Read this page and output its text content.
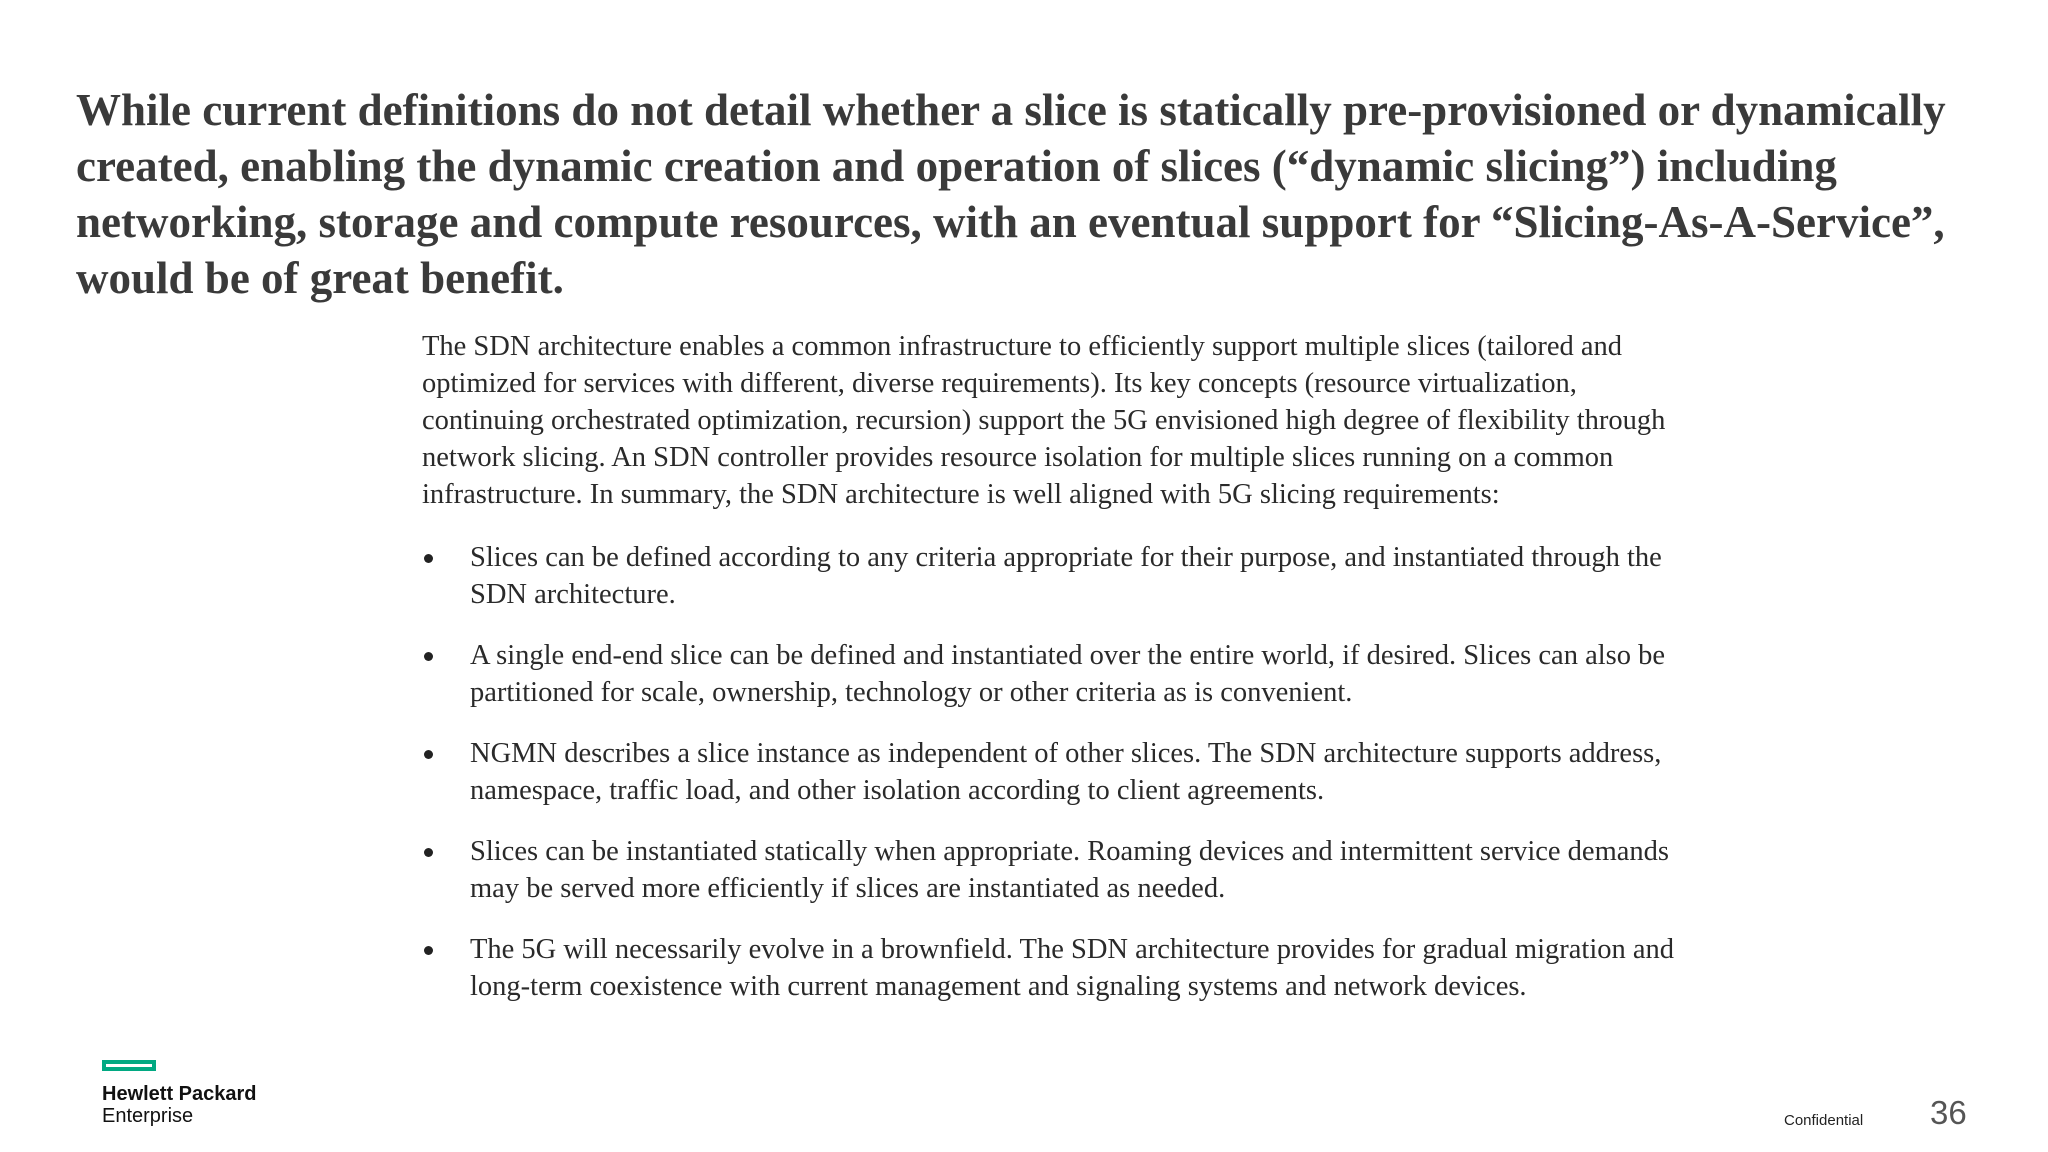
While current definitions do not detail whether a slice is statically pre-provisioned or dynamically created, enabling the dynamic creation and operation of slices (“dynamic slicing”) including networking, storage and compute resources, with an eventual support for “Slicing-As-A-Service”, would be of great benefit.

The SDN architecture enables a common infrastructure to efficiently support multiple slices (tailored and optimized for services with different, diverse requirements). Its key concepts (resource virtualization, continuing orchestrated optimization, recursion) support the 5G envisioned high degree of flexibility through network slicing. An SDN controller provides resource isolation for multiple slices running on a common infrastructure. In summary, the SDN architecture is well aligned with 5G slicing requirements:

Slices can be defined according to any criteria appropriate for their purpose, and instantiated through the SDN architecture.
A single end-end slice can be defined and instantiated over the entire world, if desired. Slices can also be partitioned for scale, ownership, technology or other criteria as is convenient.
NGMN describes a slice instance as independent of other slices. The SDN architecture supports address, namespace, traffic load, and other isolation according to client agreements.
Slices can be instantiated statically when appropriate. Roaming devices and intermittent service demands may be served more efficiently if slices are instantiated as needed.
The 5G will necessarily evolve in a brownfield. The SDN architecture provides for gradual migration and long-term coexistence with current management and signaling systems and network devices.
Hewlett Packard
Enterprise	Confidential 36
